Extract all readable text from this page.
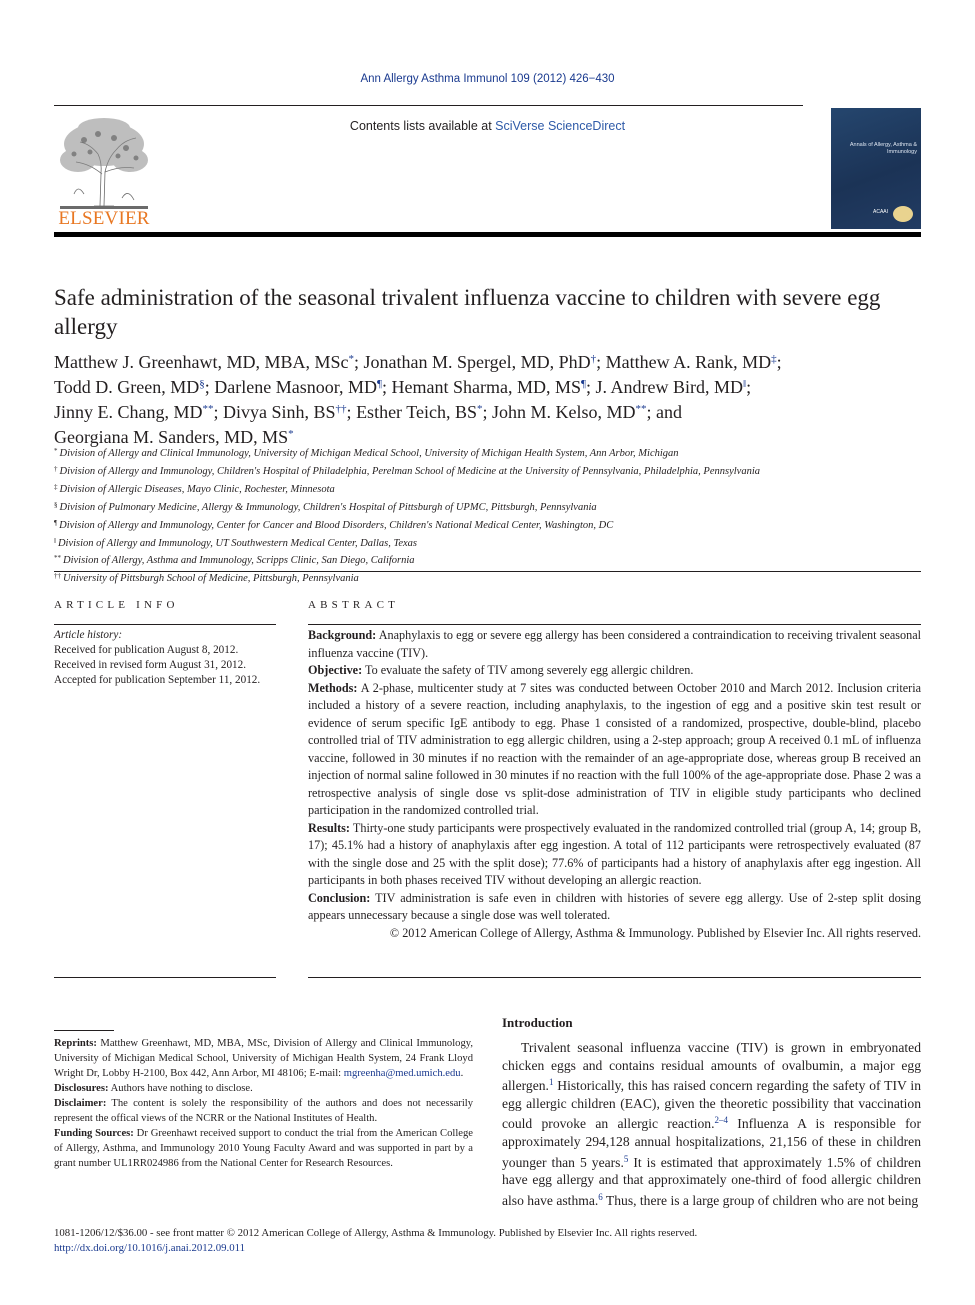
Ann Allergy Asthma Immunol 109 (2012) 426−430
Contents lists available at SciVerse ScienceDirect
ELSEVIER
Annals of Allergy, Asthma & Immunology
ACAAI
Safe administration of the seasonal trivalent influenza vaccine to children with severe egg allergy
Matthew J. Greenhawt, MD, MBA, MSc*; Jonathan M. Spergel, MD, PhD†; Matthew A. Rank, MD‡;
Todd D. Green, MD§; Darlene Masnoor, MD¶; Hemant Sharma, MD, MS¶; J. Andrew Bird, MD‖;
Jinny E. Chang, MD**; Divya Sinh, BS††; Esther Teich, BS*; John M. Kelso, MD**; and
Georgiana M. Sanders, MD, MS*
* Division of Allergy and Clinical Immunology, University of Michigan Medical School, University of Michigan Health System, Ann Arbor, Michigan
† Division of Allergy and Immunology, Children's Hospital of Philadelphia, Perelman School of Medicine at the University of Pennsylvania, Philadelphia, Pennsylvania
‡ Division of Allergic Diseases, Mayo Clinic, Rochester, Minnesota
§ Division of Pulmonary Medicine, Allergy & Immunology, Children's Hospital of Pittsburgh of UPMC, Pittsburgh, Pennsylvania
¶ Division of Allergy and Immunology, Center for Cancer and Blood Disorders, Children's National Medical Center, Washington, DC
‖ Division of Allergy and Immunology, UT Southwestern Medical Center, Dallas, Texas
** Division of Allergy, Asthma and Immunology, Scripps Clinic, San Diego, California
†† University of Pittsburgh School of Medicine, Pittsburgh, Pennsylvania
ARTICLE INFO
Article history:
Received for publication August 8, 2012.
Received in revised form August 31, 2012.
Accepted for publication September 11, 2012.
ABSTRACT

Background: Anaphylaxis to egg or severe egg allergy has been considered a contraindication to receiving trivalent seasonal influenza vaccine (TIV).

Objective: To evaluate the safety of TIV among severely egg allergic children.

Methods: A 2-phase, multicenter study at 7 sites was conducted between October 2010 and March 2012. Inclusion criteria included a history of a severe reaction, including anaphylaxis, to the ingestion of egg and a positive skin test result or evidence of serum specific IgE antibody to egg. Phase 1 consisted of a randomized, prospective, double-blind, placebo controlled trial of TIV administration to egg allergic children, using a 2-step approach; group A received 0.1 mL of influenza vaccine, followed in 30 minutes if no reaction with the remainder of an age-appropriate dose, whereas group B received an injection of normal saline followed in 30 minutes if no reaction with the full 100% of the age-appropriate dose. Phase 2 was a retrospective analysis of single dose vs split-dose administration of TIV in eligible study participants who declined participation in the randomized controlled trial.

Results: Thirty-one study participants were prospectively evaluated in the randomized controlled trial (group A, 14; group B, 17); 45.1% had a history of anaphylaxis after egg ingestion. A total of 112 participants were retrospectively evaluated (87 with the single dose and 25 with the split dose); 77.6% of participants had a history of anaphylaxis after egg ingestion. All participants in both phases received TIV without developing an allergic reaction.

Conclusion: TIV administration is safe even in children with histories of severe egg allergy. Use of 2-step split dosing appears unnecessary because a single dose was well tolerated.

© 2012 American College of Allergy, Asthma & Immunology. Published by Elsevier Inc. All rights reserved.

Reprints: Matthew Greenhawt, MD, MBA, MSc, Division of Allergy and Clinical Immunology, University of Michigan Medical School, University of Michigan Health System, 24 Frank Lloyd Wright Dr, Lobby H-2100, Box 442, Ann Arbor, MI 48106; E-mail: mgreenha@med.umich.edu.

Disclosures: Authors have nothing to disclose.

Disclaimer: The content is solely the responsibility of the authors and does not necessarily represent the offical views of the NCRR or the National Institutes of Health.

Funding Sources: Dr Greenhawt received support to conduct the trial from the American College of Allergy, Asthma, and Immunology 2010 Young Faculty Award and was supported in part by a grant number UL1RR024986 from the National Center for Research Resources.

Introduction
Trivalent seasonal influenza vaccine (TIV) is grown in embryonated chicken eggs and contains residual amounts of ovalbumin, a major egg allergen.$^1$ Historically, this has raised concern regarding the safety of TIV in egg allergic children (EAC), given the theoretic possibility that vaccination could provoke an allergic reaction.$^{2-4}$ Influenza A is responsible for approximately 294,128 annual hospitalizations, 21,156 of these in children younger than 5 years.$^5$ It is estimated that approximately 1.5% of children have egg allergy and that approximately one-third of food allergic children also have asthma.$^6$ Thus, there is a large group of children who are not being
1081-1206/12/$36.00 - see front matter © 2012 American College of Allergy, Asthma & Immunology. Published by Elsevier Inc. All rights reserved.
http://dx.doi.org/10.1016/j.anai.2012.09.011
